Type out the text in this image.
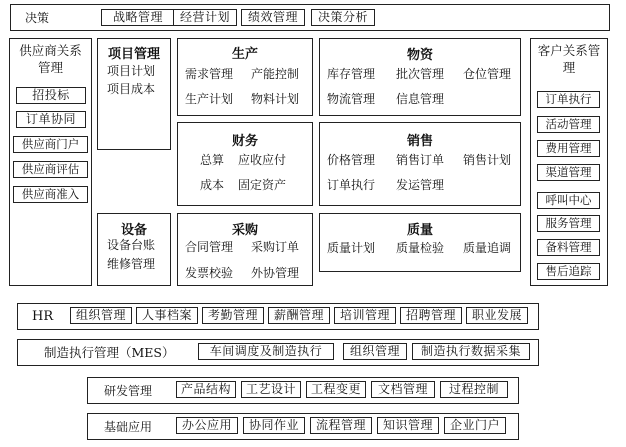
决策	战略管理	经营计划	绩效管理	决策分析
供应商关系管理
招投标
订单协同
供应商门户
供应商评估
供应商准入
项目管理
项目计划
项目成本
设备
设备台账
维修管理
生产
需求管理 产能控制
生产计划 物料计划
财务
总算 应收应付
成本 固定资产
采购
合同管理 采购订单
发票校验 外协管理
物资
库存管理 批次管理 仓位管理
物流管理 信息管理
销售
价格管理 销售订单 销售计划
订单执行 发运管理
质量
质量计划 质量检验 质量追调
客户关系管理
订单执行
活动管理
费用管理
渠道管理
呼叫中心
服务管理
备料管理
售后追踪
HR	组织管理	人事档案	考勤管理	薪酬管理	培训管理	招聘管理	职业发展
制造执行管理（MES）	车间调度及制造执行	组织管理	制造执行数据采集
研发管理	产品结构	工艺设计	工程变更	文档管理	过程控制
基础应用	办公应用	协同作业	流程管理	知识管理	企业门户
